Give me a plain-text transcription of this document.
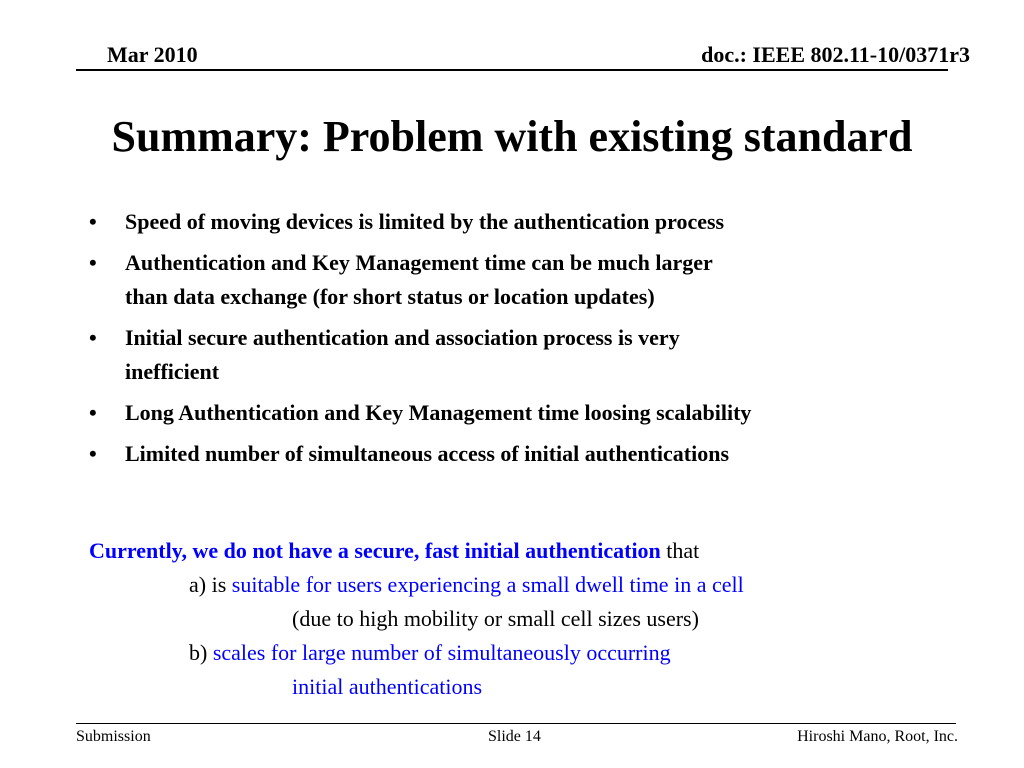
Mar 2010	doc.: IEEE 802.11-10/0371r3
Summary: Problem with existing standard
• Speed of moving devices is limited by the authentication process
• Authentication and Key Management time can be much larger
than data exchange (for short status or location updates)
• Initial secure authentication and association process is very
inefficient
• Long Authentication and Key Management time loosing scalability
• Limited number of simultaneous access of initial authentications
Currently, we do not have a secure, fast initial authentication that
a) is suitable for users experiencing a small dwell time in a cell
(due to high mobility or small cell sizes users)
b) scales for large number of simultaneously occurring
initial authentications
Submission	Slide 14	Hiroshi Mano, Root, Inc.
